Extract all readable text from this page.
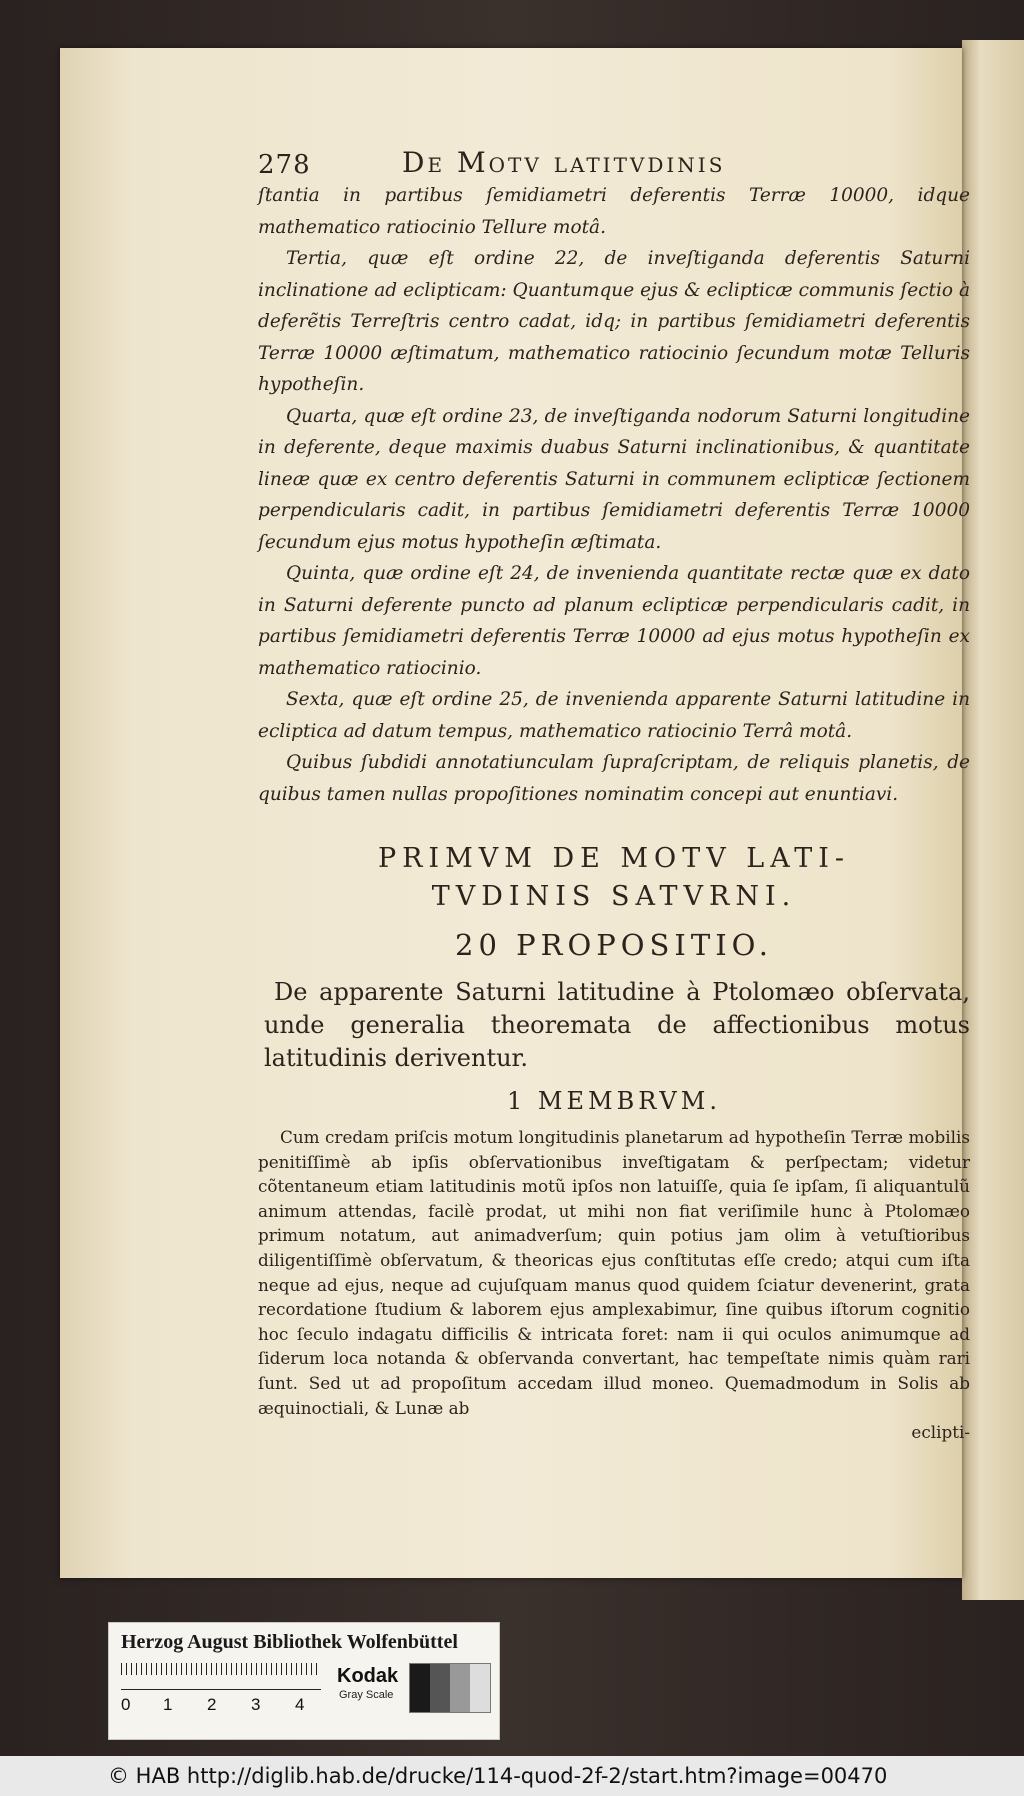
278	De Motv latitvdinis

ſtantia in partibus ſemidiametri deferentis Terræ 10000, idque mathematico ratiocinio Tellure motâ.

Tertia, quæ eſt ordine 22, de inveſtiganda deferentis Saturni inclinatione ad eclipticam: Quantumque ejus & eclipticæ communis ſectio à deferẽtis Terreſtris centro cadat, idq; in partibus ſemidiametri deferentis Terræ 10000 æſtimatum, mathematico ratiocinio ſecundum motæ Telluris hypotheſin.

Quarta, quæ eſt ordine 23, de inveſtiganda nodorum Saturni longitudine in deferente, deque maximis duabus Saturni inclinationibus, & quantitate lineæ quæ ex centro deferentis Saturni in communem eclipticæ ſectionem perpendicularis cadit, in partibus ſemidiametri deferentis Terræ 10000 ſecundum ejus motus hypotheſin æſtimata.

Quinta, quæ ordine eſt 24, de invenienda quantitate rectæ quæ ex dato in Saturni deferente puncto ad planum eclipticæ perpendicularis cadit, in partibus ſemidiametri deferentis Terræ 10000 ad ejus motus hypotheſin ex mathematico ratiocinio.

Sexta, quæ eſt ordine 25, de invenienda apparente Saturni latitudine in ecliptica ad datum tempus, mathematico ratiocinio Terrâ motâ.

Quibus ſubdidi annotatiunculam ſupraſcriptam, de reliquis planetis, de quibus tamen nullas propoſitiones nominatim concepi aut enuntiavi.

PRIMVM DE MOTV LATI-
TVDINIS SATVRNI.
20 PROPOSITIO.

De apparente Saturni latitudine à Ptolomæo obſervata, unde generalia theoremata de affectionibus motus latitudinis deriventur.

1 MEMBRVM.

Cum credam priſcis motum longitudinis planetarum ad hypotheſin Terræ mobilis penitiſſimè ab ipſis obſervationibus inveſtigatam & perſpectam; videtur cõtentaneum etiam latitudinis motũ ipſos non latuiſſe, quia ſe ipſam, ſi aliquantulũ animum attendas, facilè prodat, ut mihi non fiat veriſimile hunc à Ptolomæo primum notatum, aut animadverſum; quin potius jam olim à vetuſtioribus diligentiſſimè obſervatum, & theoricas ejus conſtitutas eſſe credo; atqui cum iſta neque ad ejus, neque ad cujuſquam manus quod quidem ſciatur devenerint, grata recordatione ſtudium & laborem ejus amplexabimur, ſine quibus iſtorum cognitio hoc ſeculo indagatu difficilis & intricata foret: nam ii qui oculos animumque ad ſiderum loca notanda & obſervanda convertant, hac tempeſtate nimis quàm rari ſunt. Sed ut ad propoſitum accedam illud moneo. Quemadmodum in Solis ab æquinoctiali, & Lunæ ab

eclipti-
Herzog August Bibliothek Wolfenbüttel
0 1 2 3 4
Kodak
Gray Scale
© HAB http://diglib.hab.de/drucke/114-quod-2f-2/start.htm?image=00470
